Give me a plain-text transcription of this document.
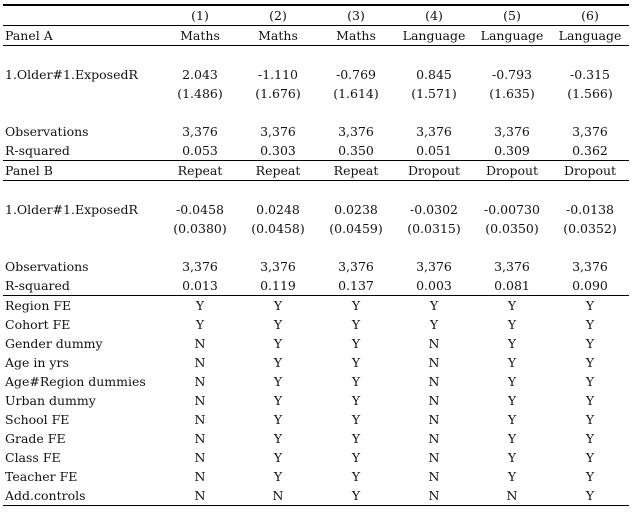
	(1)	(2)	(3)	(4)	(5)	(6)
Panel A	Maths	Maths	Maths	Language	Language	Language

1.Older#1.ExposedR	2.043	-1.110	-0.769	0.845	-0.793	-0.315
	(1.486)	(1.676)	(1.614)	(1.571)	(1.635)	(1.566)

Observations	3,376	3,376	3,376	3,376	3,376	3,376
R-squared	0.053	0.303	0.350	0.051	0.309	0.362
Panel B	Repeat	Repeat	Repeat	Dropout	Dropout	Dropout

1.Older#1.ExposedR	-0.0458	0.0248	0.0238	-0.0302	-0.00730	-0.0138
	(0.0380)	(0.0458)	(0.0459)	(0.0315)	(0.0350)	(0.0352)

Observations	3,376	3,376	3,376	3,376	3,376	3,376
R-squared	0.013	0.119	0.137	0.003	0.081	0.090
Region FE	Y	Y	Y	Y	Y	Y
Cohort FE	Y	Y	Y	Y	Y	Y
Gender dummy	N	Y	Y	N	Y	Y
Age in yrs	N	Y	Y	N	Y	Y
Age#Region dummies	N	Y	Y	N	Y	Y
Urban dummy	N	Y	Y	N	Y	Y
School FE	N	Y	Y	N	Y	Y
Grade FE	N	Y	Y	N	Y	Y
Class FE	N	Y	Y	N	Y	Y
Teacher FE	N	Y	Y	N	Y	Y
Add.controls	N	N	Y	N	N	Y
